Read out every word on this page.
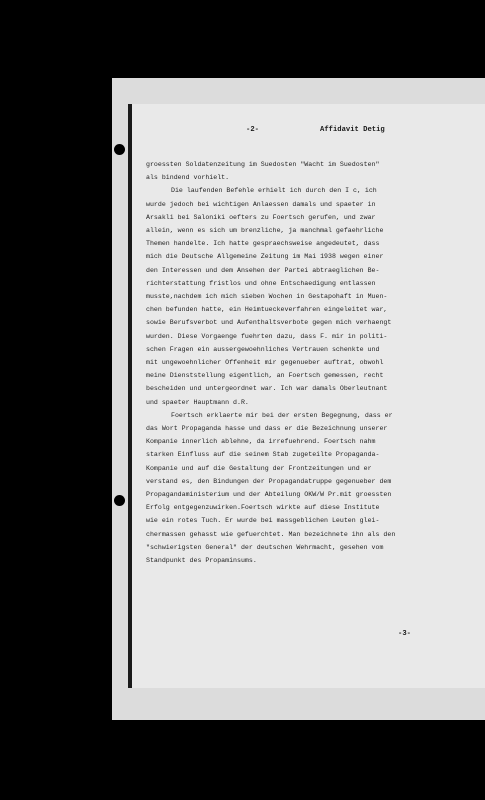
-2-	Affidavit Detig
groessten Soldatenzeitung im Suedosten "Wacht im Suedosten"
als bindend vorhielt.
Die laufenden Befehle erhielt ich durch den I c, ich
wurde jedoch bei wichtigen Anlaessen damals und spaeter in
Arsakli bei Saloniki oefters zu Foertsch gerufen, und zwar
allein, wenn es sich um brenzliche, ja manchmal gefaehrliche
Themen handelte. Ich hatte gespraechsweise angedeutet, dass
mich die Deutsche Allgemeine Zeitung im Mai 1938 wegen einer
den Interessen und dem Ansehen der Partei abtraeglichen Be-
richterstattung fristlos und ohne Entschaedigung entlassen
musste,nachdem ich mich sieben Wochen in Gestapohaft in Muen-
chen befunden hatte, ein Heimtueckeverfahren eingeleitet war,
sowie Berufsverbot und Aufenthaltsverbote gegen mich verhaengt
wurden. Diese Vorgaenge fuehrten dazu, dass F. mir in politi-
schen Fragen ein aussergewoehnliches Vertrauen schenkte und
mit ungewoehnlicher Offenheit mir gegenueber auftrat, obwohl
meine Dienststellung eigentlich, an Foertsch gemessen, recht
bescheiden und untergeordnet war. Ich war damals Oberleutnant
und spaeter Hauptmann d.R.
Foertsch erklaerte mir bei der ersten Begegnung, dass er
das Wort Propaganda hasse und dass er die Bezeichnung unserer
Kompanie innerlich ablehne, da irrefuehrend. Foertsch nahm
starken Einfluss auf die seinem Stab zugeteilte Propaganda-
Kompanie und auf die Gestaltung der Frontzeitungen und er
verstand es, den Bindungen der Propagandatruppe gegenueber dem
Propagandaministerium und der Abteilung OKW/W Pr.mit groessten
Erfolg entgegenzuwirken.Foertsch wirkte auf diese Institute
wie ein rotes Tuch. Er wurde bei massgeblichen Leuten glei-
chermassen gehasst wie gefuerchtet. Man bezeichnete ihn als den
"schwierigsten General" der deutschen Wehrmacht, gesehen vom
Standpunkt des Propaminsums.
-3-
